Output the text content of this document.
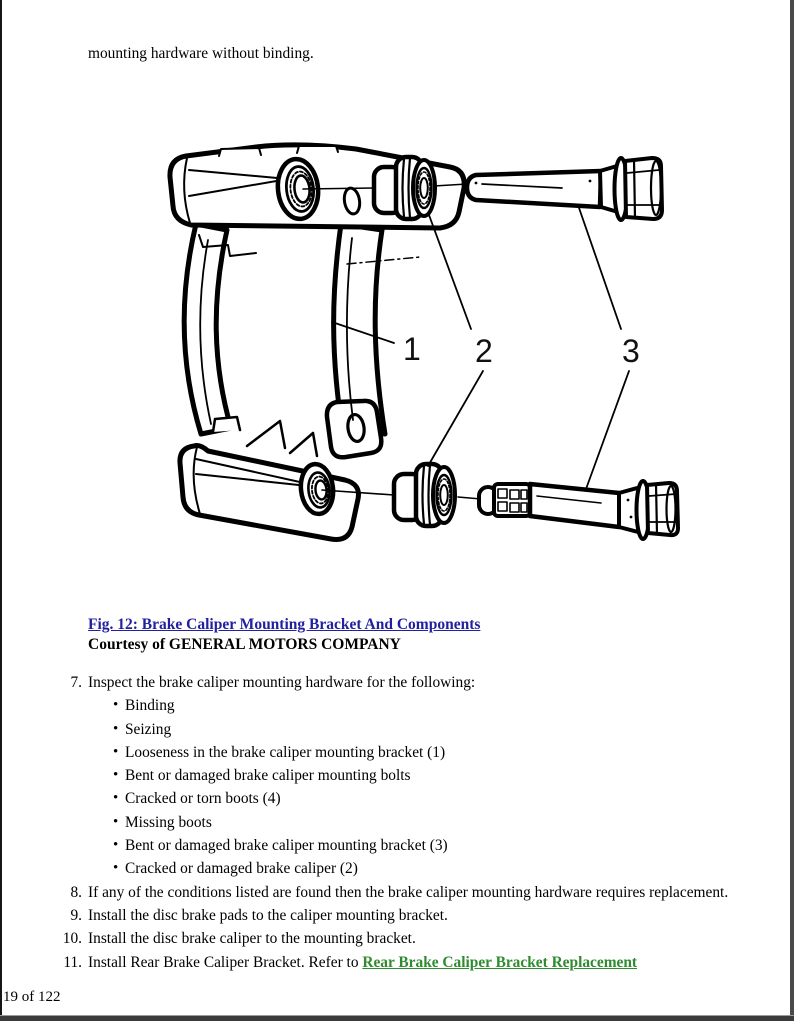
mounting hardware without binding.
1 2	3
Fig. 12: Brake Caliper Mounting Bracket And Components
Courtesy of GENERAL MOTORS COMPANY
7. Inspect the brake caliper mounting hardware for the following:
• Binding
• Seizing
• Looseness in the brake caliper mounting bracket (1)
• Bent or damaged brake caliper mounting bolts
• Cracked or torn boots (4)
• Missing boots
• Bent or damaged brake caliper mounting bracket (3)
• Cracked or damaged brake caliper (2)
8. If any of the conditions listed are found then the brake caliper mounting hardware requires replacement.
9. Install the disc brake pads to the caliper mounting bracket.
10. Install the disc brake caliper to the mounting bracket.
11. Install Rear Brake Caliper Bracket. Refer to Rear Brake Caliper Bracket Replacement
19 of 122
